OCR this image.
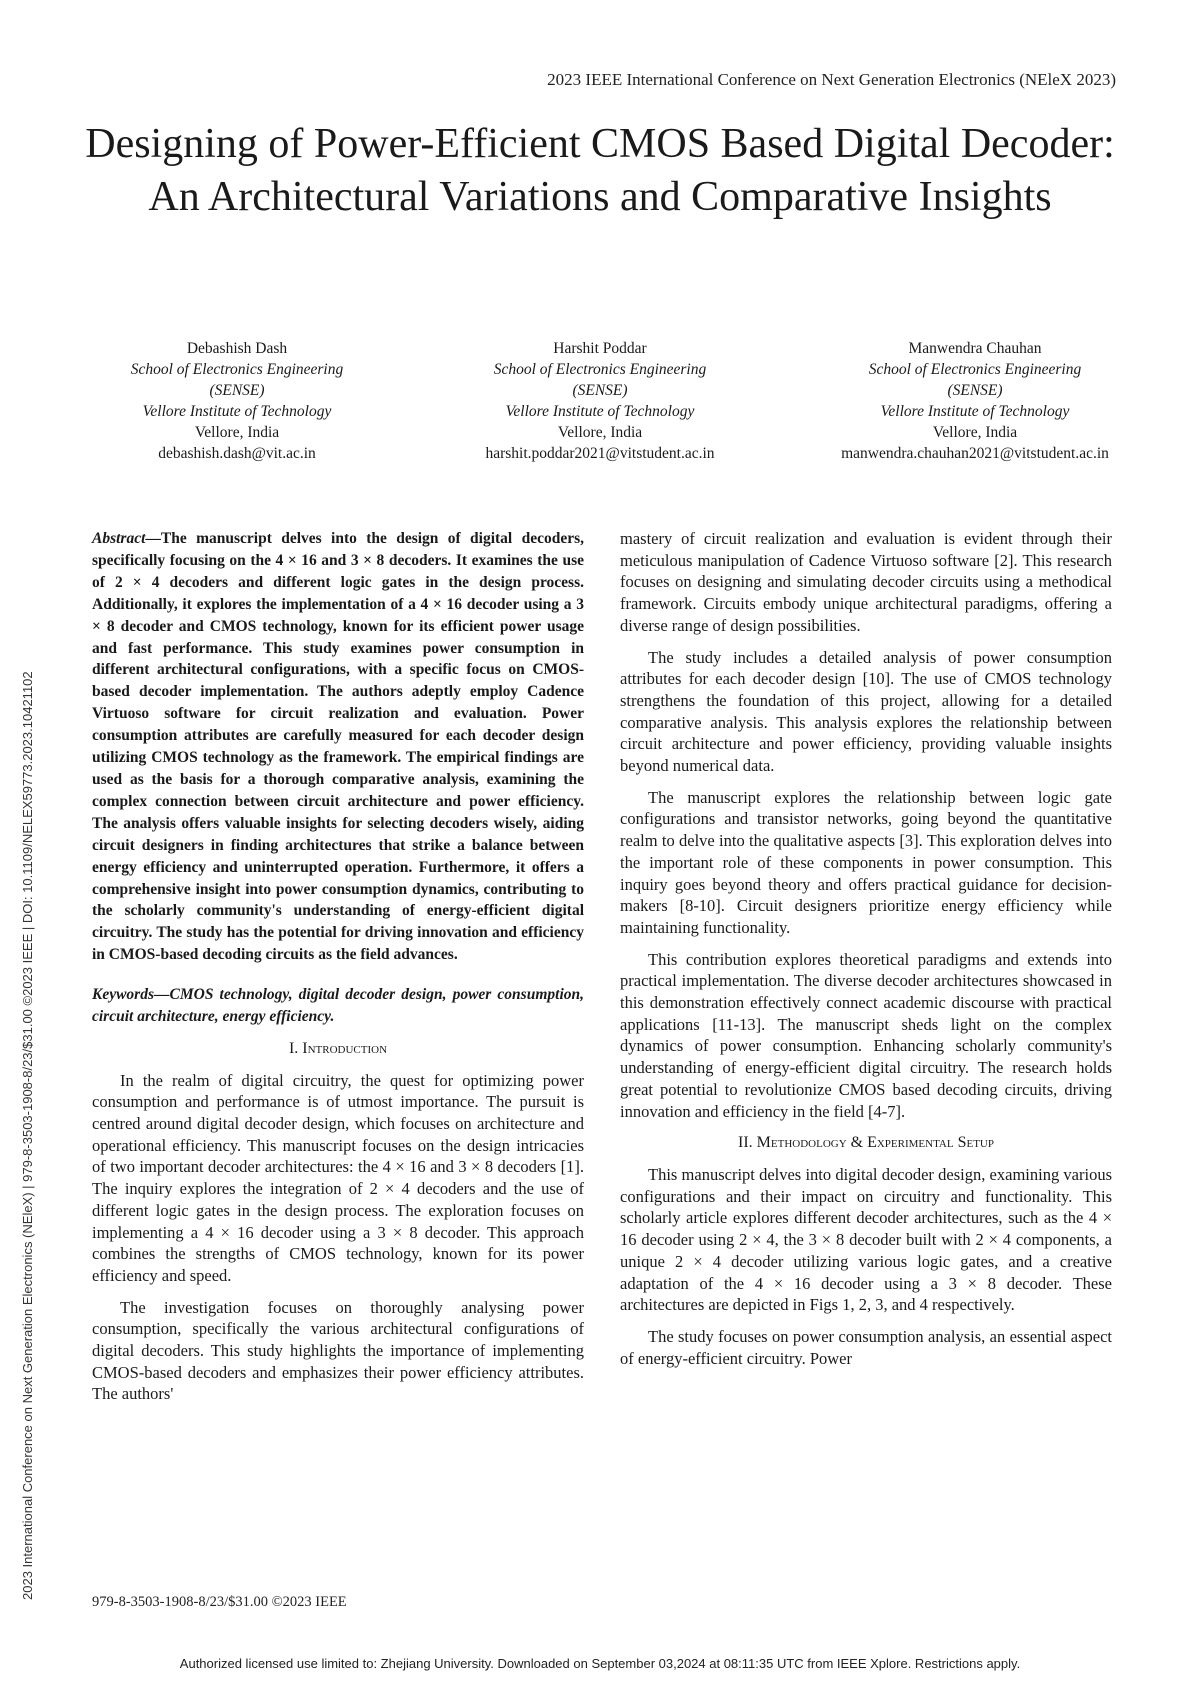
2023 IEEE International Conference on Next Generation Electronics (NEleX 2023)
Designing of Power-Efficient CMOS Based Digital Decoder: An Architectural Variations and Comparative Insights
Debashish Dash
School of Electronics Engineering
(SENSE)
Vellore Institute of Technology
Vellore, India
debashish.dash@vit.ac.in
Harshit Poddar
School of Electronics Engineering
(SENSE)
Vellore Institute of Technology
Vellore, India
harshit.poddar2021@vitstudent.ac.in
Manwendra Chauhan
School of Electronics Engineering
(SENSE)
Vellore Institute of Technology
Vellore, India
manwendra.chauhan2021@vitstudent.ac.in

Abstract—The manuscript delves into the design of digital decoders, specifically focusing on the 4 × 16 and 3 × 8 decoders. It examines the use of 2 × 4 decoders and different logic gates in the design process. Additionally, it explores the implementation of a 4 × 16 decoder using a 3 × 8 decoder and CMOS technology, known for its efficient power usage and fast performance. This study examines power consumption in different architectural configurations, with a specific focus on CMOS-based decoder implementation. The authors adeptly employ Cadence Virtuoso software for circuit realization and evaluation. Power consumption attributes are carefully measured for each decoder design utilizing CMOS technology as the framework. The empirical findings are used as the basis for a thorough comparative analysis, examining the complex connection between circuit architecture and power efficiency. The analysis offers valuable insights for selecting decoders wisely, aiding circuit designers in finding architectures that strike a balance between energy efficiency and uninterrupted operation. Furthermore, it offers a comprehensive insight into power consumption dynamics, contributing to the scholarly community's understanding of energy-efficient digital circuitry. The study has the potential for driving innovation and efficiency in CMOS-based decoding circuits as the field advances.

Keywords—CMOS technology, digital decoder design, power consumption, circuit architecture, energy efficiency.

I. Introduction

In the realm of digital circuitry, the quest for optimizing power consumption and performance is of utmost importance. The pursuit is centred around digital decoder design, which focuses on architecture and operational efficiency. This manuscript focuses on the design intricacies of two important decoder architectures: the 4 × 16 and 3 × 8 decoders [1]. The inquiry explores the integration of 2 × 4 decoders and the use of different logic gates in the design process. The exploration focuses on implementing a 4 × 16 decoder using a 3 × 8 decoder. This approach combines the strengths of CMOS technology, known for its power efficiency and speed.

The investigation focuses on thoroughly analysing power consumption, specifically the various architectural configurations of digital decoders. This study highlights the importance of implementing CMOS-based decoders and emphasizes their power efficiency attributes. The authors'

mastery of circuit realization and evaluation is evident through their meticulous manipulation of Cadence Virtuoso software [2]. This research focuses on designing and simulating decoder circuits using a methodical framework. Circuits embody unique architectural paradigms, offering a diverse range of design possibilities.

The study includes a detailed analysis of power consumption attributes for each decoder design [10]. The use of CMOS technology strengthens the foundation of this project, allowing for a detailed comparative analysis. This analysis explores the relationship between circuit architecture and power efficiency, providing valuable insights beyond numerical data.

The manuscript explores the relationship between logic gate configurations and transistor networks, going beyond the quantitative realm to delve into the qualitative aspects [3]. This exploration delves into the important role of these components in power consumption. This inquiry goes beyond theory and offers practical guidance for decision-makers [8-10]. Circuit designers prioritize energy efficiency while maintaining functionality.

This contribution explores theoretical paradigms and extends into practical implementation. The diverse decoder architectures showcased in this demonstration effectively connect academic discourse with practical applications [11-13]. The manuscript sheds light on the complex dynamics of power consumption. Enhancing scholarly community's understanding of energy-efficient digital circuitry. The research holds great potential to revolutionize CMOS based decoding circuits, driving innovation and efficiency in the field [4-7].

II. Methodology & Experimental Setup

This manuscript delves into digital decoder design, examining various configurations and their impact on circuitry and functionality. This scholarly article explores different decoder architectures, such as the 4 × 16 decoder using 2 × 4, the 3 × 8 decoder built with 2 × 4 components, a unique 2 × 4 decoder utilizing various logic gates, and a creative adaptation of the 4 × 16 decoder using a 3 × 8 decoder. These architectures are depicted in Figs 1, 2, 3, and 4 respectively.

The study focuses on power consumption analysis, an essential aspect of energy-efficient circuitry. Power

2023 International Conference on Next Generation Electronics (NEleX) | 979-8-3503-1908-8/23/$31.00 ©2023 IEEE | DOI: 10.1109/NELEX59773.2023.10421102
979-8-3503-1908-8/23/$31.00 ©2023 IEEE
Authorized licensed use limited to: Zhejiang University. Downloaded on September 03,2024 at 08:11:35 UTC from IEEE Xplore. Restrictions apply.
